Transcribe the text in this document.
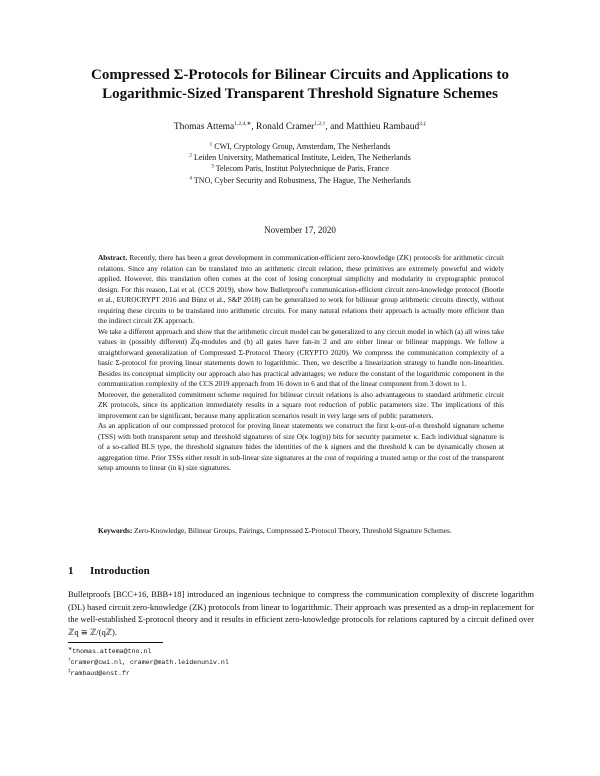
Compressed Σ-Protocols for Bilinear Circuits and Applications to
Logarithmic-Sized Transparent Threshold Signature Schemes
Thomas Attema$^{1,2,4,∗}$, Ronald Cramer$^{1,2,\dagger}$, and Matthieu Rambaud$^{3,\ddagger}$
$^1$ CWI, Cryptology Group, Amsterdam, The Netherlands
$^2$ Leiden University, Mathematical Institute, Leiden, The Netherlands
$^3$ Telecom Paris, Institut Polytechnique de Paris, France
$^4$ TNO, Cyber Security and Robustness, The Hague, The Netherlands
November 17, 2020

Abstract. Recently, there has been a great development in communication-efficient zero-knowledge (ZK) protocols for arithmetic circuit relations. Since any relation can be translated into an arithmetic circuit relation, these primitives are extremely powerful and widely applied. However, this translation often comes at the cost of losing conceptual simplicity and modularity in cryptographic protocol design. For this reason, Lai et al. (CCS 2019), show how Bulletproof's communication-efficient circuit zero-knowledge protocol (Bootle et al., EUROCRYPT 2016 and Bünz et al., S&P 2018) can be generalized to work for bilinear group arithmetic circuits directly, without requiring these circuits to be translated into arithmetic circuits. For many natural relations their approach is actually more efficient than the indirect circuit ZK approach.

We take a different approach and show that the arithmetic circuit model can be generalized to any circuit model in which (a) all wires take values in (possibly different) ℤq-modules and (b) all gates have fan-in 2 and are either linear or bilinear mappings. We follow a straightforward generalization of Compressed Σ-Protocol Theory (CRYPTO 2020). We compress the communication complexity of a basic Σ-protocol for proving linear statements down to logarithmic. Then, we describe a linearization strategy to handle non-linearities. Besides its conceptual simplicity our approach also has practical advantages; we reduce the constant of the logarithmic component in the communication complexity of the CCS 2019 approach from 16 down to 6 and that of the linear component from 3 down to 1.

Moreover, the generalized commitment scheme required for bilinear circuit relations is also advantageous to standard arithmetic circuit ZK protocols, since its application immediately results in a square root reduction of public parameters size. The implications of this improvement can be significant, because many application scenarios result in very large sets of public parameters.

As an application of our compressed protocol for proving linear statements we construct the first k-out-of-n threshold signature scheme (TSS) with both transparent setup and threshold signatures of size O(κ log(n)) bits for security parameter κ. Each individual signature is of a so-called BLS type, the threshold signature hides the identities of the k signers and the threshold k can be dynamically chosen at aggregation time. Prior TSSs either result in sub-linear size signatures at the cost of requiring a trusted setup or the cost of the transparent setup amounts to linear (in k) size signatures.

Keywords: Zero-Knowledge, Bilinear Groups, Pairings, Compressed Σ-Protocol Theory, Threshold Signature Schemes.
1 Introduction
Bulletproofs [BCC+16, BBB+18] introduced an ingenious technique to compress the communication complexity of discrete logarithm (DL) based circuit zero-knowledge (ZK) protocols from linear to logarithmic. Their approach was presented as a drop-in replacement for the well-established Σ-protocol theory and it results in efficient zero-knowledge protocols for relations captured by a circuit defined over ℤq ≅ ℤ/(qℤ).
∗thomas.attema@tno.nl
†cramer@cwi.nl, cramer@math.leidenuniv.nl
‡rambaud@enst.fr
